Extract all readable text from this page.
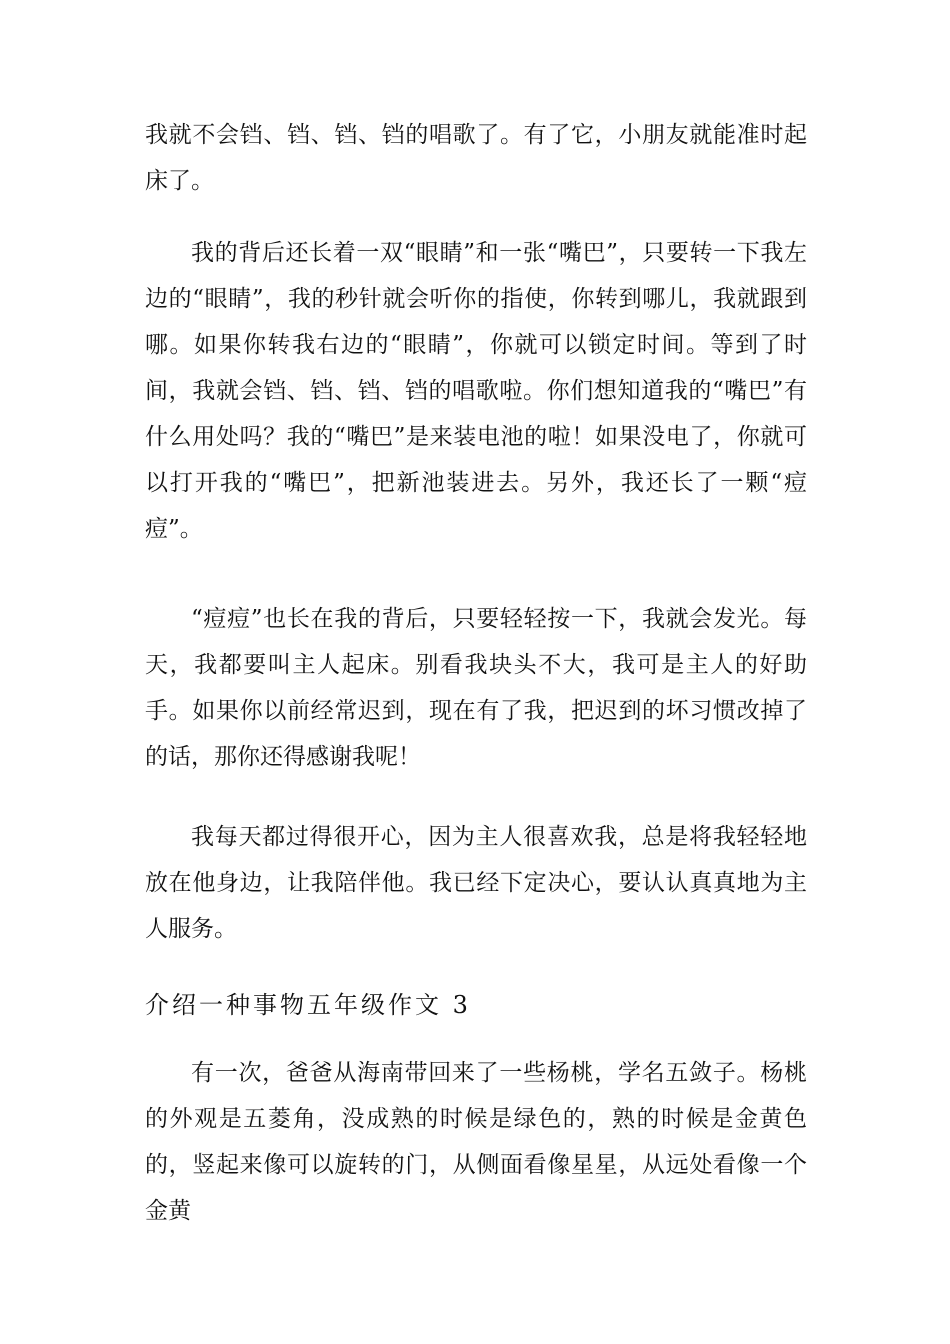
我就不会铛、铛、铛、铛的唱歌了。有了它，小朋友就能准时起床了。

我的背后还长着一双“眼睛”和一张“嘴巴”，只要转一下我左边的“眼睛”，我的秒针就会听你的指使，你转到哪儿，我就跟到哪。如果你转我右边的“眼睛”，你就可以锁定时间。等到了时间，我就会铛、铛、铛、铛的唱歌啦。你们想知道我的“嘴巴”有什么用处吗？我的“嘴巴”是来装电池的啦！如果没电了，你就可以打开我的“嘴巴”，把新池装进去。另外，我还长了一颗“痘痘”。

“痘痘”也长在我的背后，只要轻轻按一下，我就会发光。每天，我都要叫主人起床。别看我块头不大，我可是主人的好助手。如果你以前经常迟到，现在有了我，把迟到的坏习惯改掉了的话，那你还得感谢我呢！

我每天都过得很开心，因为主人很喜欢我，总是将我轻轻地放在他身边，让我陪伴他。我已经下定决心，要认认真真地为主人服务。

介绍一种事物五年级作文 3

有一次，爸爸从海南带回来了一些杨桃，学名五敛子。杨桃的外观是五菱角，没成熟的时候是绿色的，熟的时候是金黄色的，竖起来像可以旋转的门，从侧面看像星星，从远处看像一个金黄
